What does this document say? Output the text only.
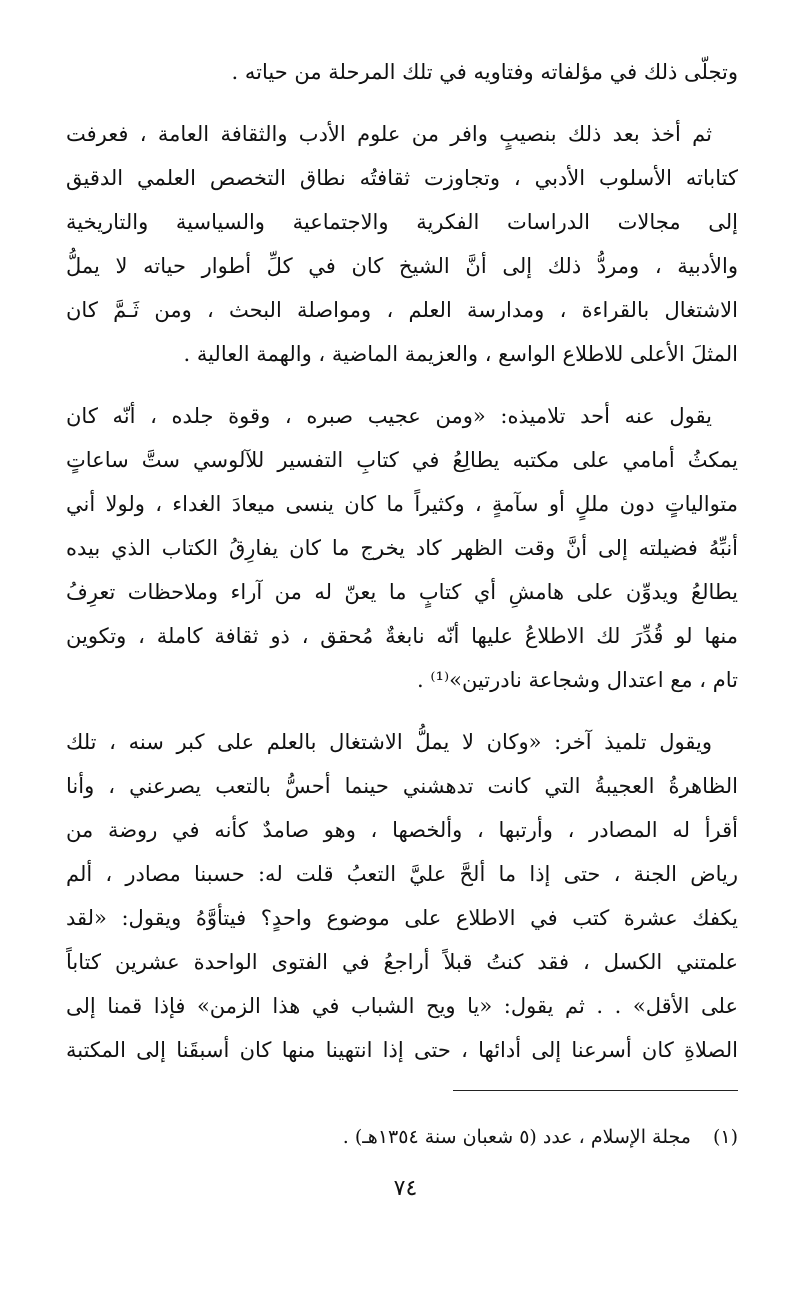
وتجلّى ذلك في مؤلفاته وفتاويه في تلك المرحلة من حياته .
ثم أخذ بعد ذلك بنصيبٍ وافر من علوم الأدب والثقافة العامة ، فعرفت
كتاباته الأسلوب الأدبي ، وتجاوزت ثقافتُه نطاق التخصص العلمي الدقيق
إلى مجالات الدراسات الفكرية والاجتماعية والسياسية والتاريخية
والأدبية ، ومردُّ ذلك إلى أنَّ الشيخ كان في كلِّ أطوار حياته لا يملُّ
الاشتغال بالقراءة ، ومدارسة العلم ، ومواصلة البحث ، ومن ثَـمَّ كان
المثلَ الأعلى للاطلاع الواسع ، والعزيمة الماضية ، والهمة العالية .
يقول عنه أحد تلاميذه: «ومن عجيب صبره ، وقوة جلده ، أنّه كان
يمكثُ أمامي على مكتبه يطالِعُ في كتابِ التفسير للآلوسي ستَّ ساعاتٍ
متوالياتٍ دون مللٍ أو سآمةٍ ، وكثيراً ما كان ينسى ميعادَ الغداء ، ولولا أني
أنبِّهُ فضيلته إلى أنَّ وقت الظهر كاد يخرج ما كان يفارِقُ الكتاب الذي بيده
يطالعُ ويدوِّن على هامشِ أي كتابٍ ما يعنّ له من آراء وملاحظات تعرِفُ
منها لو قُدِّرَ لك الاطلاعُ عليها أنّه نابغةٌ مُحقق ، ذو ثقافة كاملة ، وتكوين
تام ، مع اعتدال وشجاعة نادرتين»⁽¹⁾ .
ويقول تلميذ آخر: «وكان لا يملُّ الاشتغال بالعلم على كبر سنه ، تلك
الظاهرةُ العجيبةُ التي كانت تدهشني حينما أحسُّ بالتعب يصرعني ، وأنا
أقرأ له المصادر ، وأرتبها ، وألخصها ، وهو صامدٌ كأنه في روضة من
رياض الجنة ، حتى إذا ما ألحَّ عليَّ التعبُ قلت له: حسبنا مصادر ، ألم
يكفك عشرة كتب في الاطلاع على موضوع واحدٍ؟ فيتأوَّهُ ويقول: «لقد
علمتني الكسل ، فقد كنتُ قبلاً أراجعُ في الفتوى الواحدة عشرين كتاباً
على الأقل» . . ثم يقول: «يا ويح الشباب في هذا الزمن» فإذا قمنا إلى
الصلاةِ كان أسرعنا إلى أدائها ، حتى إذا انتهينا منها كان أسبقَنا إلى المكتبة
(١)مجلة الإسلام ، عدد (٥ شعبان سنة ١٣٥٤هـ) .
٧٤
